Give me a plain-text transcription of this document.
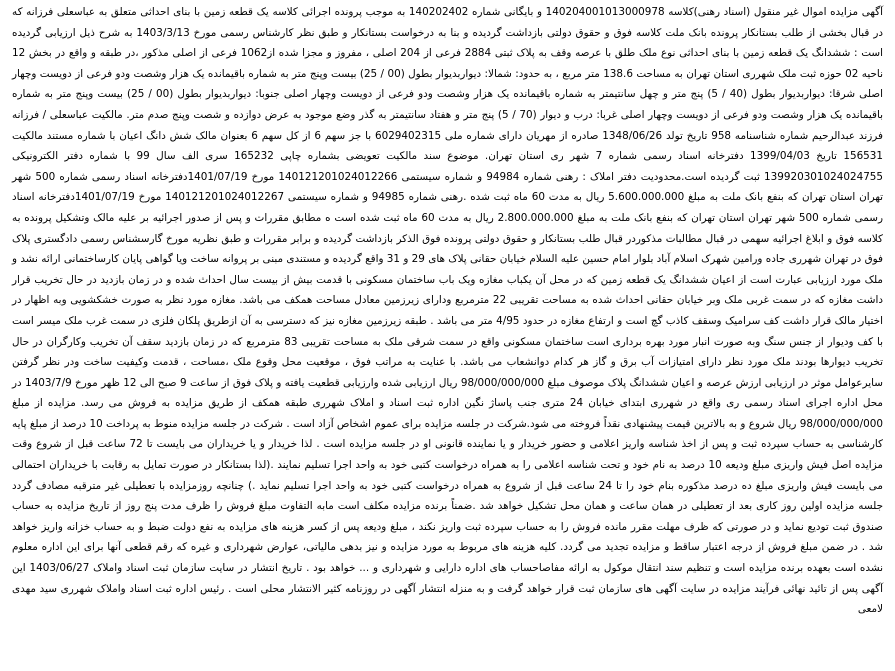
آگهی مزایده اموال غیر منقول (اسناد رهنی)کلاسه 140204001013000978 و بایگانی شماره 140202402 به موجب پرونده اجرائی کلاسه یک قطعه زمین با بنای احداثی متعلق به عباسعلی فرزانه که در قبال بخشی از طلب بستانکار پرونده بانک ملت کلاسه فوق و حقوق دولتی بازداشت گردیده و بنا به درخواست بستانکار و طبق نظر کارشناس رسمی مورخ 1403/3/13 به شرح ذیل ارزیابی گردیده است : ششدانگ یک قطعه زمین با بنای احداثی نوع ملک طلق با عرصه وقف به پلاک ثبتی 2884 فرعی از 204 اصلی ، مفروز و مجزا شده از1062 فرعی از اصلی مذکور ،در طبقه و واقع در بخش 12 ناحیه 02 حوزه ثبت ملک شهرری استان تهران به مساحت 138.6 متر مربع ، به حدود: شمالا: دیواربدیوار بطول (00 / 25) بیست وپنج متر به شماره باقیمانده یک هزار وشصت ودو فرعی از دویست وچهار اصلی شرقا: دیواربدیوار بطول (40 / 5) پنج متر و چهل سانتیمتر به شماره باقیمانده یک هزار وشصت ودو فرعی از دویست وچهار اصلی جنوبا: دیواربدیوار بطول (00 / 25) بیست وپنج متر به شماره باقیمانده یک هزار وشصت ودو فرعی از دویست وچهار اصلی غربا: درب و دیوار (70 / 5) پنج متر و هفتاد سانتیمتر به گذر وضع موجود به عرض دوازده و شصت وپنج صدم متر. مالکیت عباسعلی / فرزانه فرزند عبدالرحیم شماره شناسنامه 958 تاریخ تولد 1348/06/26 صادره از مهریان دارای شماره ملی 6029402315 با جز سهم 6 از کل سهم 6 بعنوان مالک شش دانگ اعیان با شماره مستند مالکیت 156531 تاریخ 1399/04/03 دفترخانه اسناد رسمی شماره 7 شهر ری استان تهران. موضوع سند مالکیت تعویضی بشماره چاپی 165232 سری الف سال 99 با شماره دفتر الکترونیکی 139920301024024755 ثبت گردیده است.محدودیت دفتر املاک : رهنی شماره 94984 و شماره سیستمی 140121201024012266 مورخ 1401/07/19دفترخانه اسناد رسمی شماره 500 شهر تهران استان تهران که بنفع بانک ملت به مبلغ 5.600.000.000 ریال به مدت 60 ماه ثبت شده .رهنی شماره 94985 و شماره سیستمی 140121201024012267 مورخ 1401/07/19دفترخانه اسناد رسمی شماره 500 شهر تهران استان تهران که بنفع بانک ملت به مبلغ 2.800.000.000 ریال به مدت 60 ماه ثبت شده است ه مطابق مقررات و پس از صدور اجرائیه بر علیه مالک وتشکیل پرونده به کلاسه فوق و ابلاغ اجرائیه سهمی در قبال مطالبات مذکوردر قبال طلب بستانکار و حقوق دولتی پرونده فوق الذکر بازداشت گردیده و برابر مقررات و طبق نظریه مورخ گارسشناس رسمی دادگستری پلاک فوق در تهران شهرری جاده ورامین شهرک اسلام آباد بلوار امام حسین علیه السلام خیابان حقانی پلاک های 29 و 31 واقع گردیده و مستندی مبنی بر پروانه ساخت ویا گواهی پایان کارساختمانی ارائه نشد و ملک مورد ارزیابی عبارت است از اعیان ششدانگ یک قطعه زمین که در محل آن یکباب مغازه ویک باب ساختمان مسکونی با قدمت بیش از بیست سال احداث شده و در زمان بازدید در حال تخریب قرار داشت مغازه که در سمت غربی ملک وبر خیابان حقانی احداث شده به مساحت تقریبی 22 مترمربع ودارای زیرزمین معادل مساحت همکف می باشد. مغازه مورد نظر به صورت خشکشویی وبه اظهار در اختیار مالک قرار داشت کف سرامیک وسقف کاذب گچ است و ارتفاع مغازه در حدود 4/95 متر می باشد . طبقه زیرزمین مغازه نیز که دسترسی به آن ازطریق پلکان فلزی در سمت غرب ملک میسر است با کف ودیوار از جنس سنگ وبه صورت انبار مورد بهره برداری است ساختمان مسکونی واقع در سمت شرقی ملک به مساحت تقریبی 83 مترمربع که در زمان بازدید سقف آن تخریب وکارگران در حال تخریب دیوارها بودند ملک مورد نظر دارای امتیازات آب برق و گاز هر کدام دوانشعاب می باشد. با عنایت به مراتب فوق ، موقعیت محل وقوع ملک ،مساحت ، قدمت وکیفیت ساخت ودر نظر گرفتن سایرعوامل موثر در ارزیابی ارزش عرصه و اعیان ششدانگ پلاک موصوف مبلغ 98/000/000/000 ریال ارزیابی شده وارزیابی قطعیت یافته و پلاک فوق از ساعت 9 صبح الی 12 ظهر مورخ 1403/7/9 در محل اداره اجرای اسناد رسمی ری واقع در شهرری ابتدای خیابان 24 متری جنب پاساژ نگین اداره ثبت اسناد و املاک شهرری طبقه همکف از طریق مزایده به فروش می رسد. مزایده از مبلغ 98/000/000/000 ریال شروع و به بالاترین قیمت پیشنهادی نقداً فروخته می شود.شرکت در جلسه مزایده برای عموم اشخاص آزاد است . شرکت در جلسه مزایده منوط به پرداخت 10 درصد از مبلغ پایه کارشناسی به حساب سپرده ثبت و پس از اخذ شناسه واریز اعلامی و حضور خریدار و یا نماینده قانونی او در جلسه مزایده است . لذا خریدار و یا خریداران می بایست تا 72 ساعت قبل از شروع وقت مزایده اصل فیش واریزی مبلغ ودیعه 10 درصد به نام خود و تحت شناسه اعلامی را به همراه درخواست کتبی خود به واحد اجرا تسلیم نمایند .(لذا بستانکار در صورت تمایل به رقابت با خریداران احتمالی می بایست فیش واریزی مبلغ ده درصد مذکوره بنام خود را تا 24 ساعت قبل از شروع به همراه درخواست کتبی خود به واحد اجرا تسلیم نماید .) چنانچه روزمزایده با تعطیلی غیر مترقبه مصادف گردد جلسه مزایده اولین روز کاری بعد از تعطیلی در همان ساعت و همان محل تشکیل خواهد شد .ضمناً برنده مزایده مکلف است مابه التفاوت مبلغ فروش را ظرف مدت پنج روز از تاریخ مزایده به حساب صندوق ثبت تودیع نماید و در صورتی که ظرف مهلت مقرر مانده فروش را به حساب سپرده ثبت واریز نکند ، مبلغ ودیعه پس از کسر هزینه های مزایده به نفع دولت ضبط و به حساب خزانه واریز خواهد شد . در ضمن مبلغ فروش از درجه اعتبار ساقط و مزایده تجدید می گردد. کلیه هزینه های مربوط به مورد مزایده و نیز بدهی مالیاتی، عوارض شهرداری و غیره که رقم قطعی آنها برای این اداره معلوم نشده است بعهده برنده مزایده است و تنظیم سند انتقال موکول به ارائه مفاصاحساب های اداره دارایی و شهرداری و ... خواهد بود . تاریخ انتشار در سایت سازمان ثبت اسناد واملاک 1403/06/27 این آگهی پس از تائید نهائی فرآیند مزایده در سایت آگهی های سازمان ثبت قرار خواهد گرفت و به منزله انتشار آگهی در روزنامه کثیر الانتشار محلی است . رئیس اداره ثبت اسناد واملاک شهرری سید مهدی لامعی
